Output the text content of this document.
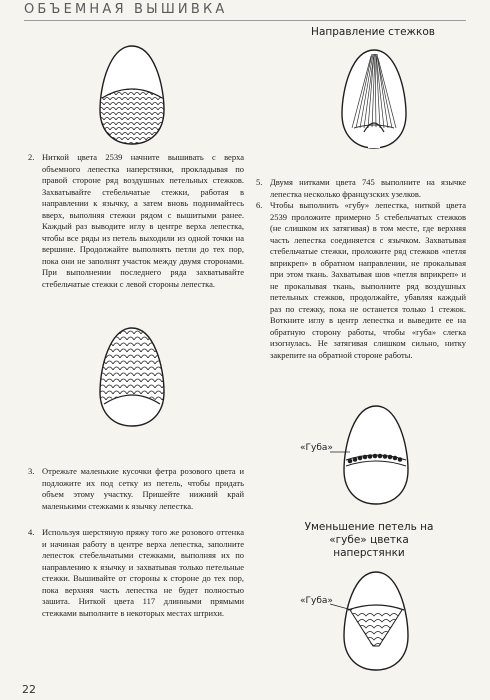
ОБЪЕМНАЯ ВЫШИВКА
Направление стежков
2. Ниткой цвета 2539 начните вышивать с верха объемного лепестка наперстянки, прокладывая по правой стороне ряд воздушных петельных стежков. Захватывайте стебельчатые стежки, работая в направлении к язычку, а затем вновь поднимайтесь вверх, выполняя стежки рядом с вышитыми ранее. Каждый раз выводите иглу в центре верха лепестка, чтобы все ряды из петель выходили из одной точки на вершине. Продолжайте выполнять петли до тех пор, пока они не заполнят участок между двумя сторонами. При выполнении последнего ряда захватывайте стебельчатые стежки с левой стороны лепестка.
5. Двумя нитками цвета 745 выполните на язычке лепестка несколько французских узелков.
6. Чтобы выполнить «губу» лепестка, ниткой цвета 2539 проложите примерно 5 стебельчатых стежков (не слишком их затягивая) в том месте, где верхняя часть лепестка соединяется с язычком. Захватывая стебельчатые стежки, проложите ряд стежков «петля вприкреп» в обратном направлении, не прокалывая при этом ткань. Захватывая шов «петля вприкреп» и не прокалывая ткань, выполните ряд воздушных петельных стежков, продолжайте, убавляя каждый раз по стежку, пока не останется только 1 стежок. Воткните иглу в центр лепестка и выведите ее на обратную сторону работы, чтобы «губа» слегка изогнулась. Не затягивая слишком сильно, нитку закрепите на обратной стороне работы.
«Губа»
3. Отрежьте маленькие кусочки фетра розового цвета и подложите их под сетку из петель, чтобы придать объем этому участку. Пришейте нижний край маленькими стежками к язычку лепестка.
4. Используя шерстяную пряжу того же розового оттенка и начиная работу в центре верха лепестка, заполните лепесток стебельчатыми стежками, выполняя их по направлению к язычку и захватывая только петельные стежки. Вышивайте от стороны к стороне до тех пор, пока верхняя часть лепестка не будет полностью зашита. Ниткой цвета 117 длинными прямыми стежками выполните в некоторых местах штрихи.
Уменьшение петель на «губе» цветка наперстянки
«Губа»
22
